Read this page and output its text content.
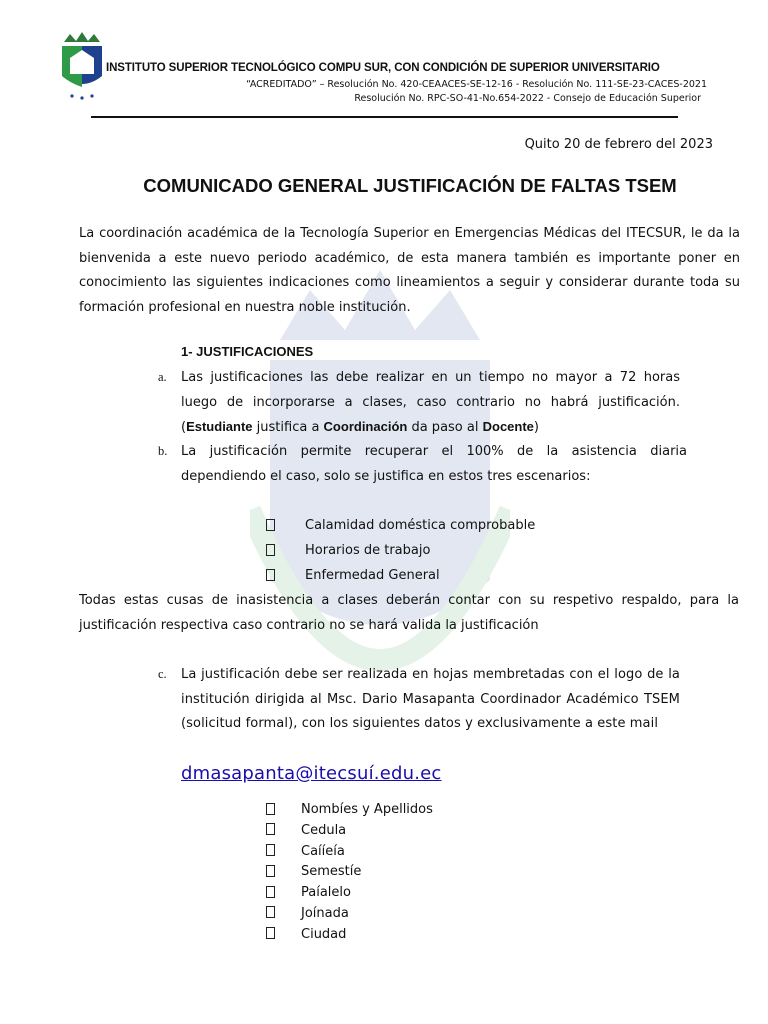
INSTITUTO SUPERIOR TECNOLÓGICO COMPU SUR, CON CONDICIÓN DE SUPERIOR UNIVERSITARIO
“ACREDITADO” – Resolución No. 420-CEAACES-SE-12-16 - Resolución No. 111-SE-23-CACES-2021
Resolución No. RPC-SO-41-No.654-2022 - Consejo de Educación Superior
Quito 20 de febrero del 2023
COMUNICADO GENERAL JUSTIFICACIÓN DE FALTAS TSEM
La coordinación académica de la Tecnología Superior en Emergencias Médicas del ITECSUR, le da la bienvenida a este nuevo periodo académico, de esta manera también es importante poner en conocimiento las siguientes indicaciones como lineamientos a seguir y considerar durante toda su formación profesional en nuestra noble institución.
1- JUSTIFICACIONES
a. Las justificaciones las debe realizar en un tiempo no mayor a 72 horas luego de incorporarse a clases, caso contrario no habrá justificación. (Estudiante justifica a Coordinación da paso al Docente)
b. La justificación permite recuperar el 100% de la asistencia diaria dependiendo el caso, solo se justifica en estos tres escenarios:
Calamidad doméstica comprobable
Horarios de trabajo
Enfermedad General
Todas estas cusas de inasistencia a clases deberán contar con su respetivo respaldo, para la justificación respectiva caso contrario no se hará valida la justificación
c. La justificación debe ser realizada en hojas membretadas con el logo de la institución dirigida al Msc. Dario Masapanta Coordinador Académico TSEM (solicitud formal), con los siguientes datos y exclusivamente a este mail
dmasapanta@itecsuí.edu.ec
Nombíes y Apellidos
Cedula
Caííeía
Semestíe
Paíalelo
Joínada
Ciudad
